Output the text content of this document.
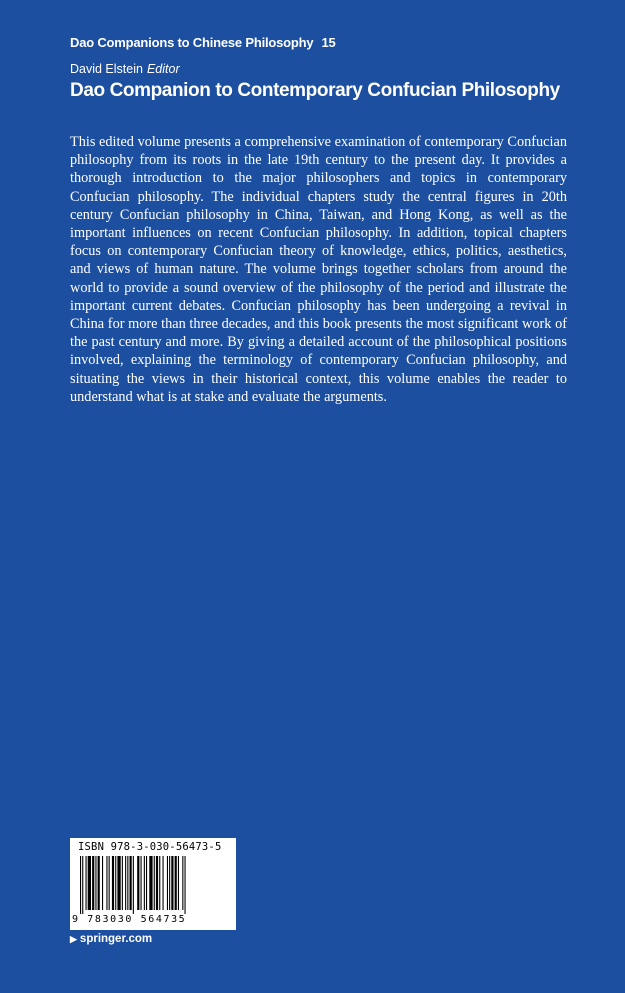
Dao Companions to Chinese Philosophy 15
David Elstein Editor
Dao Companion to Contemporary Confucian Philosophy

This edited volume presents a comprehensive examination of contemporary Confucian philosophy from its roots in the late 19th century to the present day. It provides a thorough introduction to the major philosophers and topics in contemporary Confucian philosophy. The individual chapters study the central figures in 20th century Confucian philosophy in China, Taiwan, and Hong Kong, as well as the important influences on recent Confucian philosophy. In addition, topical chapters focus on contemporary Confucian theory of knowledge, ethics, politics, aesthetics, and views of human nature. The volume brings together scholars from around the world to provide a sound overview of the philosophy of the period and illustrate the important current debates. Confucian philosophy has been undergoing a revival in China for more than three decades, and this book presents the most significant work of the past century and more. By giving a detailed account of the philosophical positions involved, explaining the terminology of contemporary Confucian philosophy, and situating the views in their historical context, this volume enables the reader to understand what is at stake and evaluate the arguments.

ISBN 978-3-030-56473-5
9 783030 564735
▶ springer.com
